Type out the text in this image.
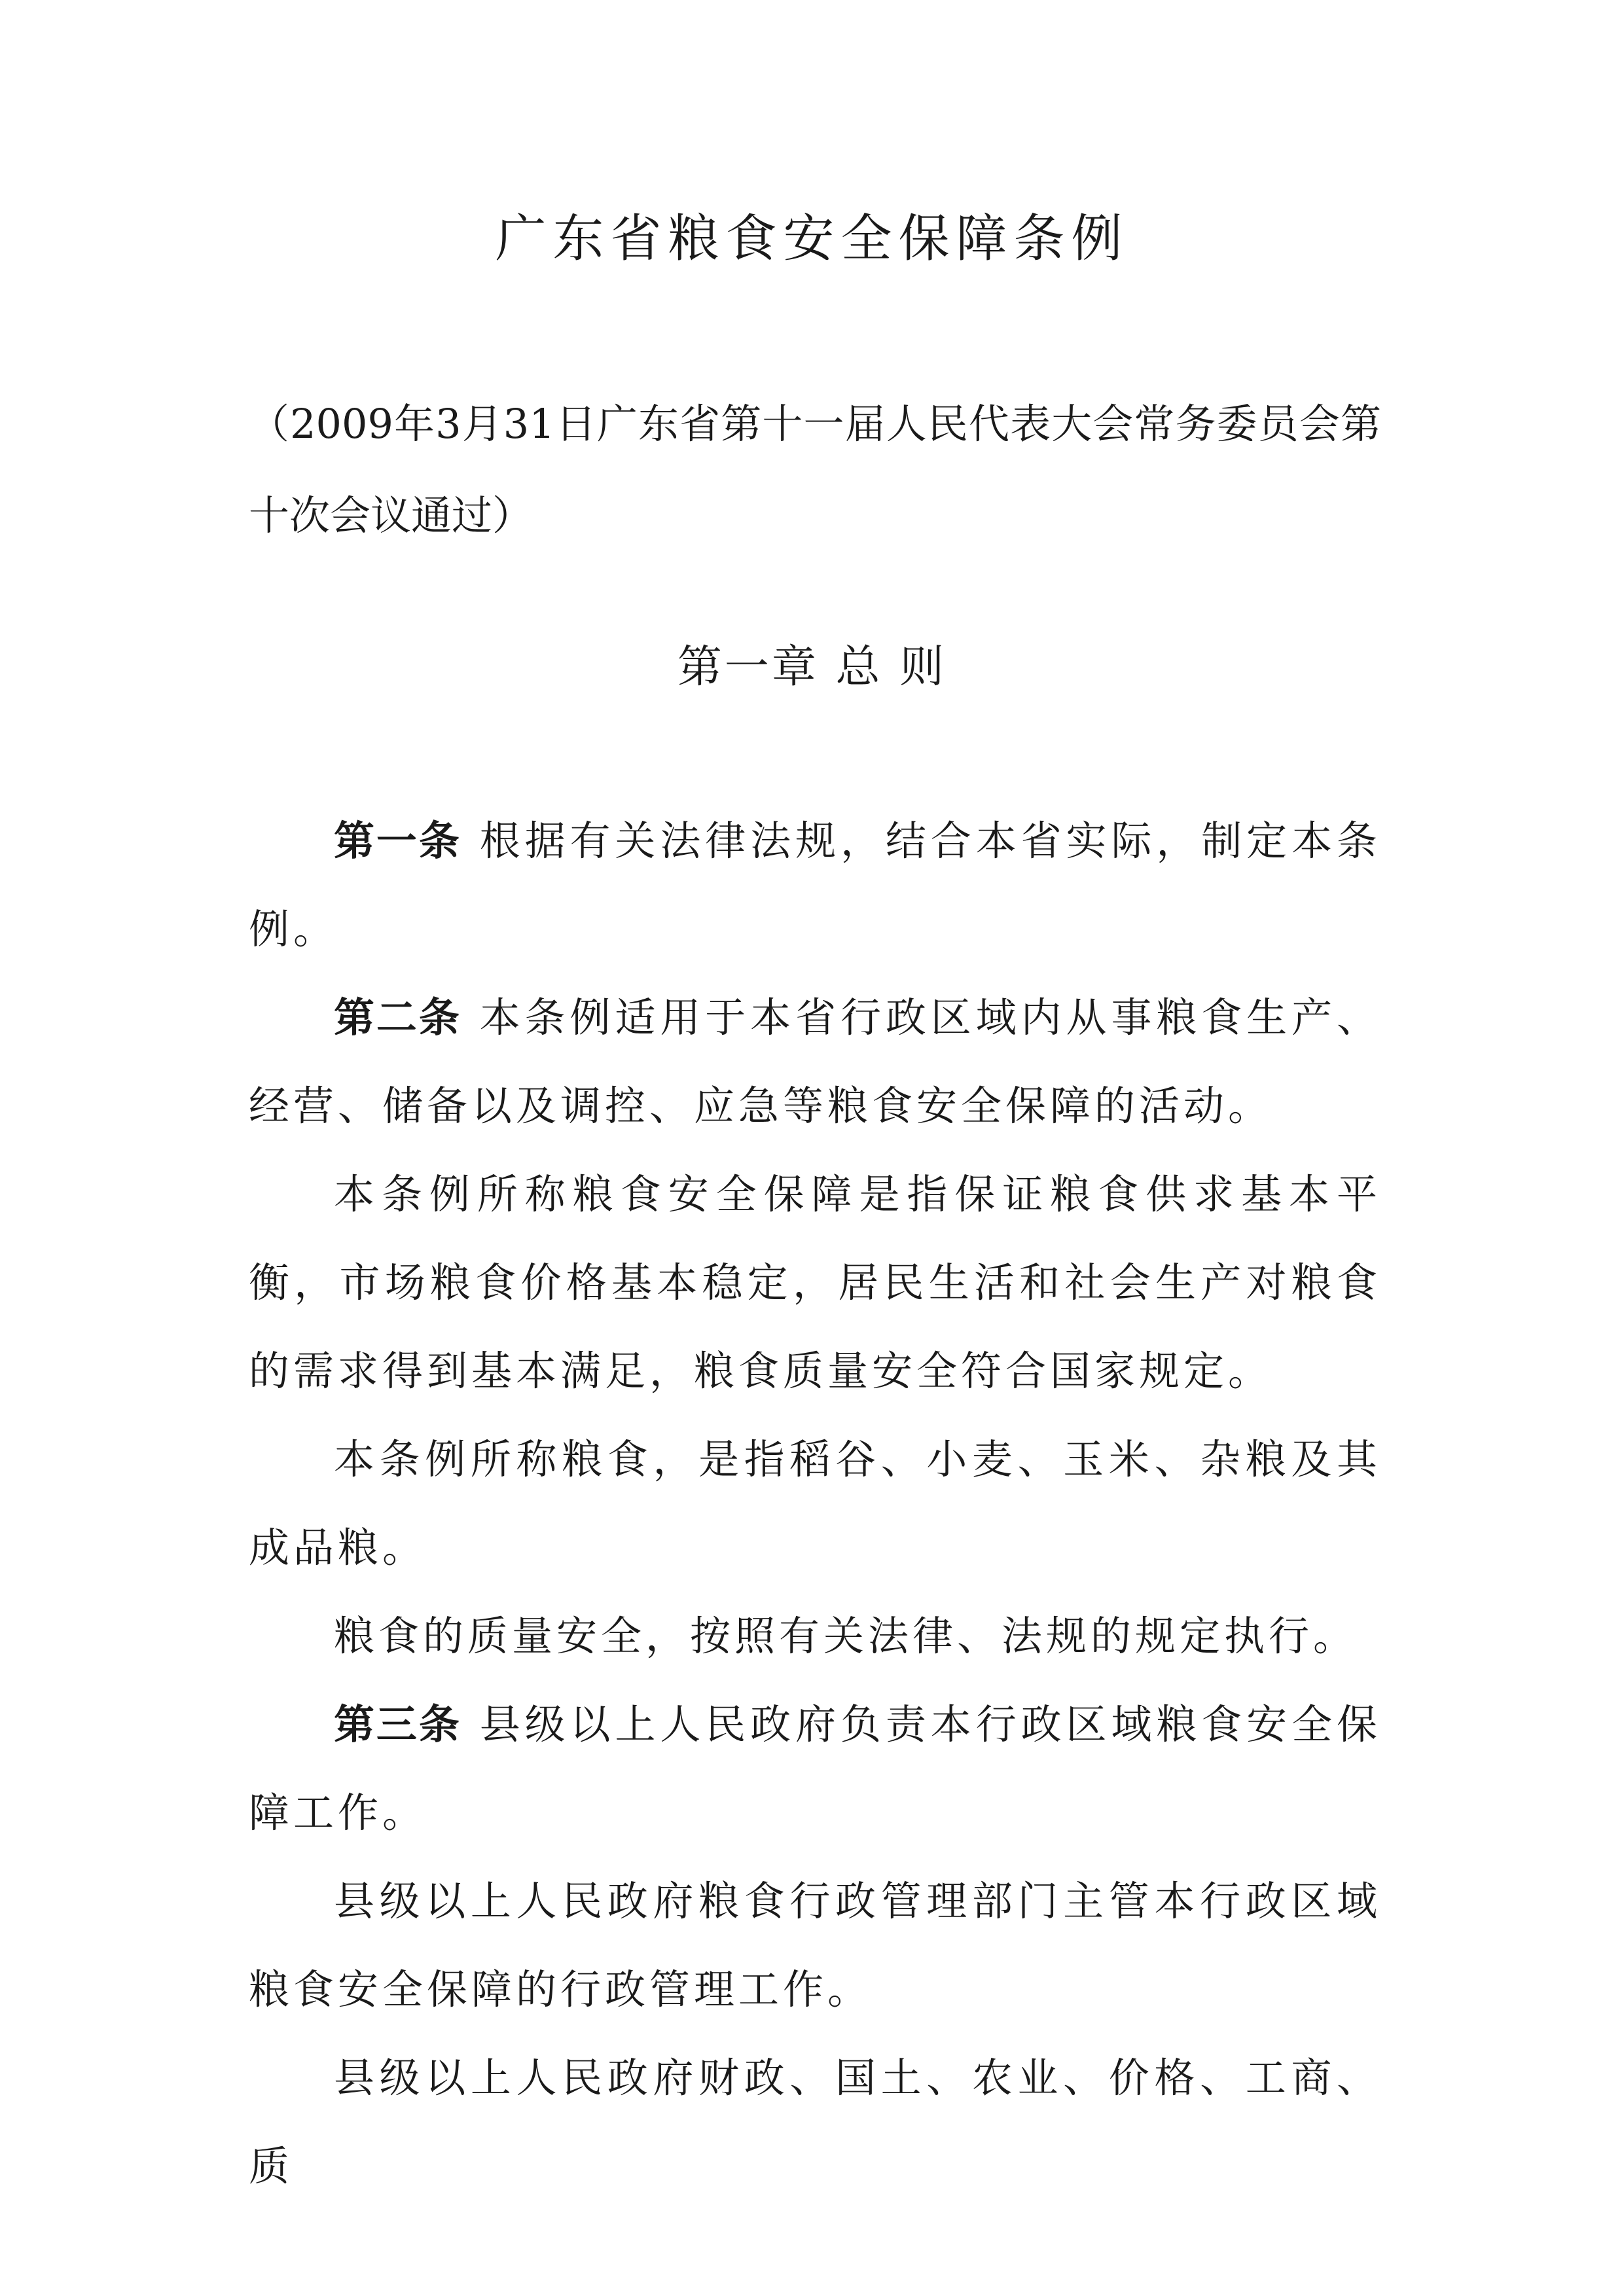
广东省粮食安全保障条例
（2009年3月31日广东省第十一届人民代表大会常务委员会第十次会议通过）
第一章 总 则

第一条 根据有关法律法规，结合本省实际，制定本条例。

第二条 本条例适用于本省行政区域内从事粮食生产、经营、储备以及调控、应急等粮食安全保障的活动。

本条例所称粮食安全保障是指保证粮食供求基本平衡，市场粮食价格基本稳定，居民生活和社会生产对粮食的需求得到基本满足，粮食质量安全符合国家规定。

本条例所称粮食，是指稻谷、小麦、玉米、杂粮及其成品粮。

粮食的质量安全，按照有关法律、法规的规定执行。

第三条 县级以上人民政府负责本行政区域粮食安全保障工作。

县级以上人民政府粮食行政管理部门主管本行政区域粮食安全保障的行政管理工作。

县级以上人民政府财政、国土、农业、价格、工商、质
